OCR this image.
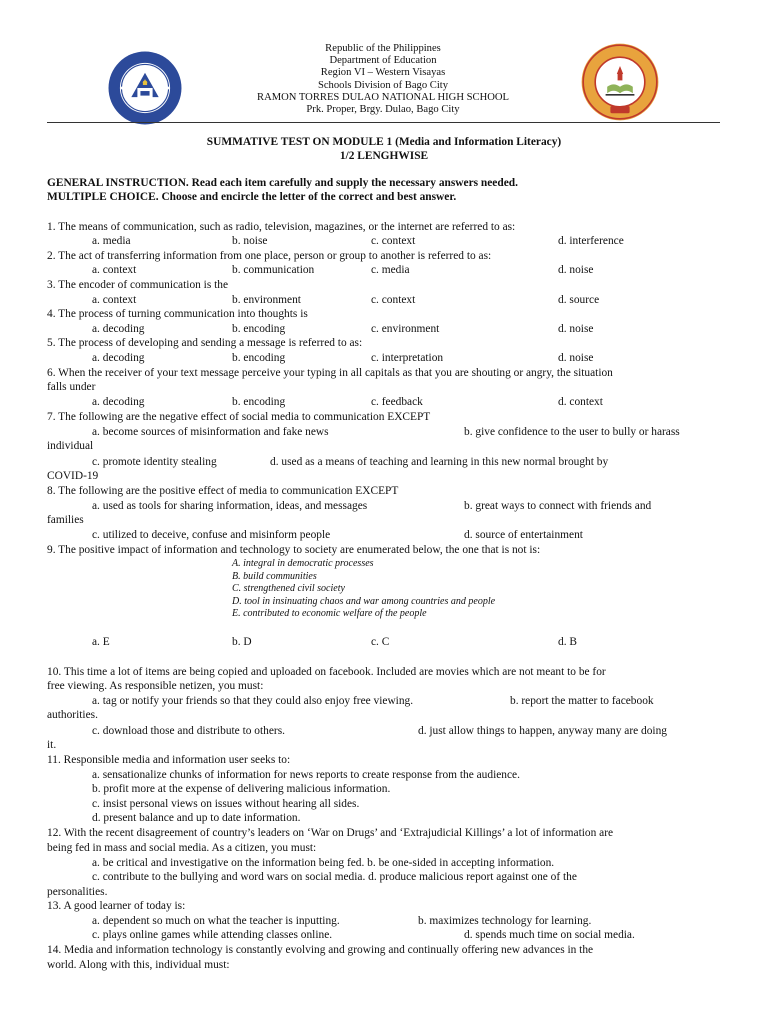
Republic of the Philippines
Department of Education
Region VI – Western Visayas
Schools Division of Bago City
RAMON TORRES DULAO NATIONAL HIGH SCHOOL
Prk. Proper, Brgy. Dulao, Bago City
SUMMATIVE TEST ON MODULE 1 (Media and Information Literacy)
1/2 LENGHWISE
GENERAL INSTRUCTION. Read each item carefully and supply the necessary answers needed.
MULTIPLE CHOICE. Choose and encircle the letter of the correct and best answer.
1. The means of communication, such as radio, television, magazines, or the internet are referred to as:
a. media	b. noise	c. context	d. interference
2. The act of transferring information from one place, person or group to another is referred to as:
a. context	b. communication	c. media	d. noise
3. The encoder of communication is the
a. context	b. environment	c. context	d. source
4. The process of turning communication into thoughts is
a. decoding	b. encoding	c. environment	d. noise
5. The process of developing and sending a message is referred to as:
a. decoding	b. encoding	c. interpretation	d. noise
6. When the receiver of your text message perceive your typing in all capitals as that you are shouting or angry, the situation
falls under
a. decoding	b. encoding	c. feedback	d. context
7. The following are the negative effect of social media to communication EXCEPT
a. become sources of misinformation and fake news	b. give confidence to the user to bully or harass
individual
c. promote identity stealing	d. used as a means of teaching and learning in this new normal brought by
COVID-19
8. The following are the positive effect of media to communication EXCEPT
a. used as tools for sharing information, ideas, and messages	b. great ways to connect with friends and
families
c. utilized to deceive, confuse and misinform people	d. source of entertainment
9. The positive impact of information and technology to society are enumerated below, the one that is not is:
A. integral in democratic processes
B. build communities
C. strengthened civil society
D. tool in insinuating chaos and war among countries and people
E. contributed to economic welfare of the people
a. E	b. D	c. C	d. B
10. This time a lot of items are being copied and uploaded on facebook. Included are movies which are not meant to be for
free viewing. As responsible netizen, you must:
a. tag or notify your friends so that they could also enjoy free viewing.	b. report the matter to facebook
authorities.
c. download those and distribute to others.	d. just allow things to happen, anyway many are doing
it.
11. Responsible media and information user seeks to:
a. sensationalize chunks of information for news reports to create response from the audience.
b. profit more at the expense of delivering malicious information.
c. insist personal views on issues without hearing all sides.
d. present balance and up to date information.
12. With the recent disagreement of country’s leaders on ‘War on Drugs’ and ‘Extrajudicial Killings’ a lot of information are
being fed in mass and social media. As a citizen, you must:
a. be critical and investigative on the information being fed. b. be one-sided in accepting information.
c. contribute to the bullying and word wars on social media. d. produce malicious report against one of the
personalities.
13. A good learner of today is:
a. dependent so much on what the teacher is inputting.	b. maximizes technology for learning.
c. plays online games while attending classes online.	d. spends much time on social media.
14. Media and information technology is constantly evolving and growing and continually offering new advances in the
world. Along with this, individual must:
